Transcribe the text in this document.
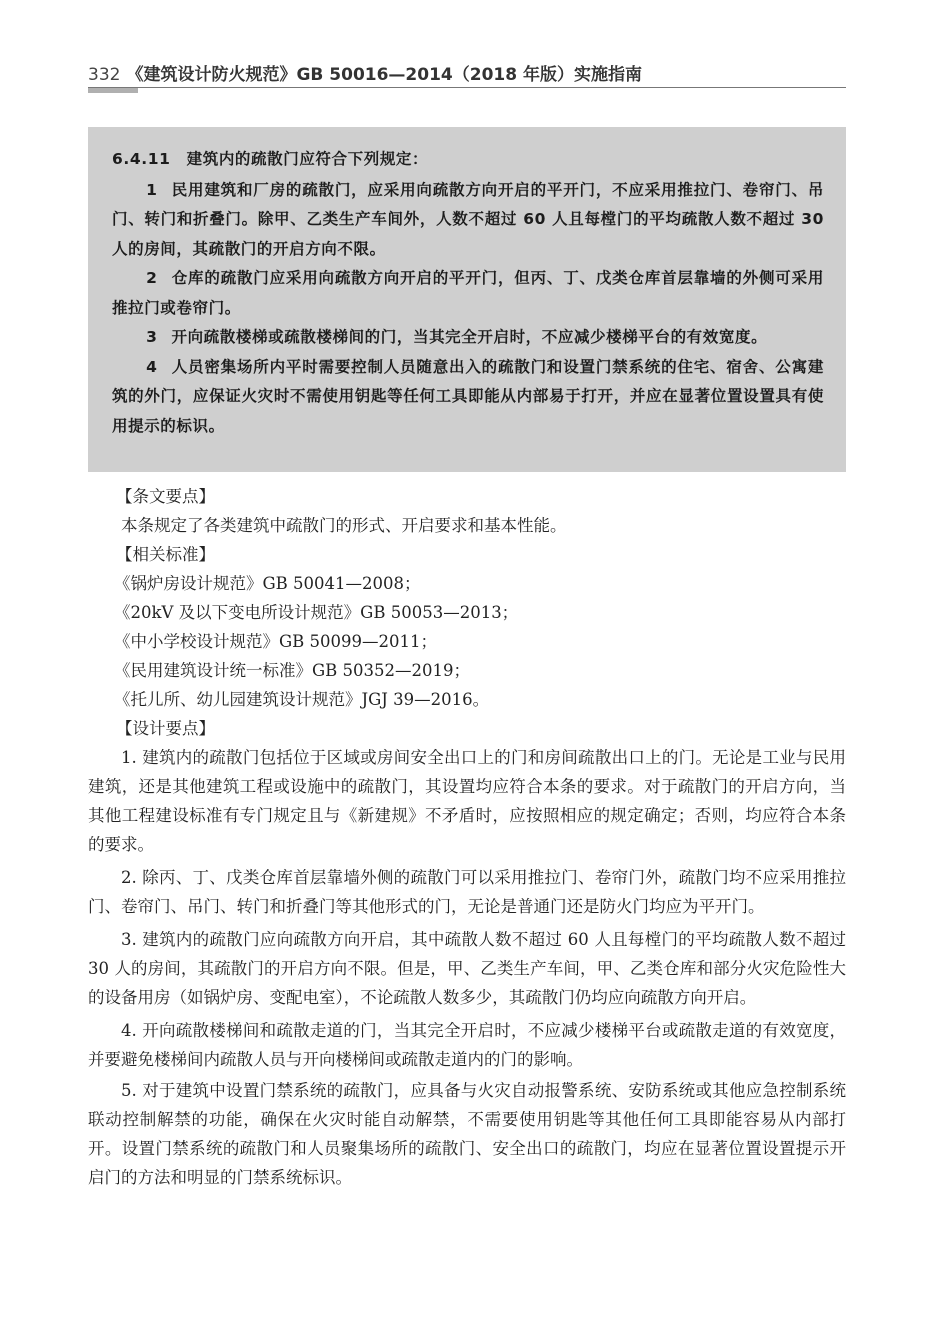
332 《建筑设计防火规范》GB 50016—2014（2018 年版）实施指南

6.4.11　建筑内的疏散门应符合下列规定：

1 民用建筑和厂房的疏散门，应采用向疏散方向开启的平开门，不应采用推拉门、卷帘门、吊门、转门和折叠门。除甲、乙类生产车间外，人数不超过 60 人且每樘门的平均疏散人数不超过 30 人的房间，其疏散门的开启方向不限。

2 仓库的疏散门应采用向疏散方向开启的平开门，但丙、丁、戊类仓库首层靠墙的外侧可采用推拉门或卷帘门。

3 开向疏散楼梯或疏散楼梯间的门，当其完全开启时，不应减少楼梯平台的有效宽度。

4 人员密集场所内平时需要控制人员随意出入的疏散门和设置门禁系统的住宅、宿舍、公寓建筑的外门，应保证火灾时不需使用钥匙等任何工具即能从内部易于打开，并应在显著位置设置具有使用提示的标识。

【条文要点】

本条规定了各类建筑中疏散门的形式、开启要求和基本性能。

【相关标准】

《锅炉房设计规范》GB 50041—2008；

《20kV 及以下变电所设计规范》GB 50053—2013；

《中小学校设计规范》GB 50099—2011；

《民用建筑设计统一标准》GB 50352—2019；

《托儿所、幼儿园建筑设计规范》JGJ 39—2016。

【设计要点】

1. 建筑内的疏散门包括位于区域或房间安全出口上的门和房间疏散出口上的门。无论是工业与民用建筑，还是其他建筑工程或设施中的疏散门，其设置均应符合本条的要求。对于疏散门的开启方向，当其他工程建设标准有专门规定且与《新建规》不矛盾时，应按照相应的规定确定；否则，均应符合本条的要求。

2. 除丙、丁、戊类仓库首层靠墙外侧的疏散门可以采用推拉门、卷帘门外，疏散门均不应采用推拉门、卷帘门、吊门、转门和折叠门等其他形式的门，无论是普通门还是防火门均应为平开门。

3. 建筑内的疏散门应向疏散方向开启，其中疏散人数不超过 60 人且每樘门的平均疏散人数不超过 30 人的房间，其疏散门的开启方向不限。但是，甲、乙类生产车间，甲、乙类仓库和部分火灾危险性大的设备用房（如锅炉房、变配电室），不论疏散人数多少，其疏散门仍均应向疏散方向开启。

4. 开向疏散楼梯间和疏散走道的门，当其完全开启时，不应减少楼梯平台或疏散走道的有效宽度，并要避免楼梯间内疏散人员与开向楼梯间或疏散走道内的门的影响。

5. 对于建筑中设置门禁系统的疏散门，应具备与火灾自动报警系统、安防系统或其他应急控制系统联动控制解禁的功能，确保在火灾时能自动解禁，不需要使用钥匙等其他任何工具即能容易从内部打开。设置门禁系统的疏散门和人员聚集场所的疏散门、安全出口的疏散门，均应在显著位置设置提示开启门的方法和明显的门禁系统标识。
